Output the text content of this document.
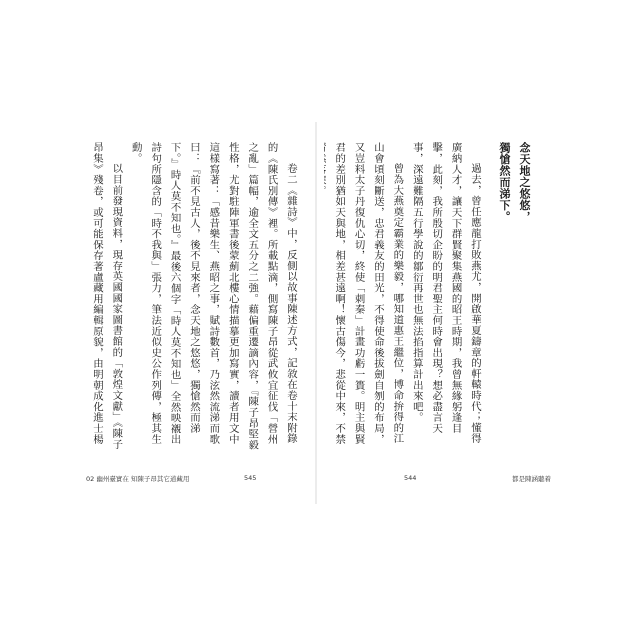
卷二《雜詩》中，反側以故事陳述方式，記敘在卷十末附錄的《陳氏別傳》裡。所載點滴，側寫陳子昂從武攸宜征伐「營州之亂」篇幅，逾全文五分之二強。藉偏重遷謫內容，『陳子昂堅毅性格，尤對駐陣軍書後蒙薊北樓心情描摹更加寫實，讀者用文中這樣寫著：「感昔樂生、燕昭之事，賦詩數首，乃泫然流涕而歌曰：『前不見古人，後不見來者，念天地之悠悠，獨愴然而涕下。』時人莫不知也。』最後六個字「時人莫不知也」全然映襯出詩句所隱含的「時不我與」張力，筆法近似史公作列傳，極其生動。

以目前發現資料，現存英國國家圖書館的「敦煌文獻」《陳子昂集》殘卷，或可能保存著盧藏用編輯原貌，由明朝成化進士楊

02 幽州臺實在 知陳子昂其它道藏用	545
念天地之悠悠，
獨愴然而涕下。

過去，曾任應龍打敗燕尤，開啟華夏鑄章的軒轅時代；懂得廣納人才，讓天下群賢聚集燕國的昭王時期，我曾無緣躬逢目擊，此刻，我所殷切企盼的明君聖主何時會出現？想必盡言天事，深遠難隔五行學說的鄒衍再世也無法掐指算計出來吧。

曾為大燕奠定霸業的樂毅，哪知道惠王繼位，博命拚得的江山會頃刻斷送，忠君義友的田光，不得使命後拔劍自刎的布局，又豈料太子丹復仇心切，終使「刺秦」計畫功虧一簣。明主與賢君的差別猶如天與地，相差甚遠啊！懷古傷今，悲從中來，不禁

544	都是陳涵聽着
